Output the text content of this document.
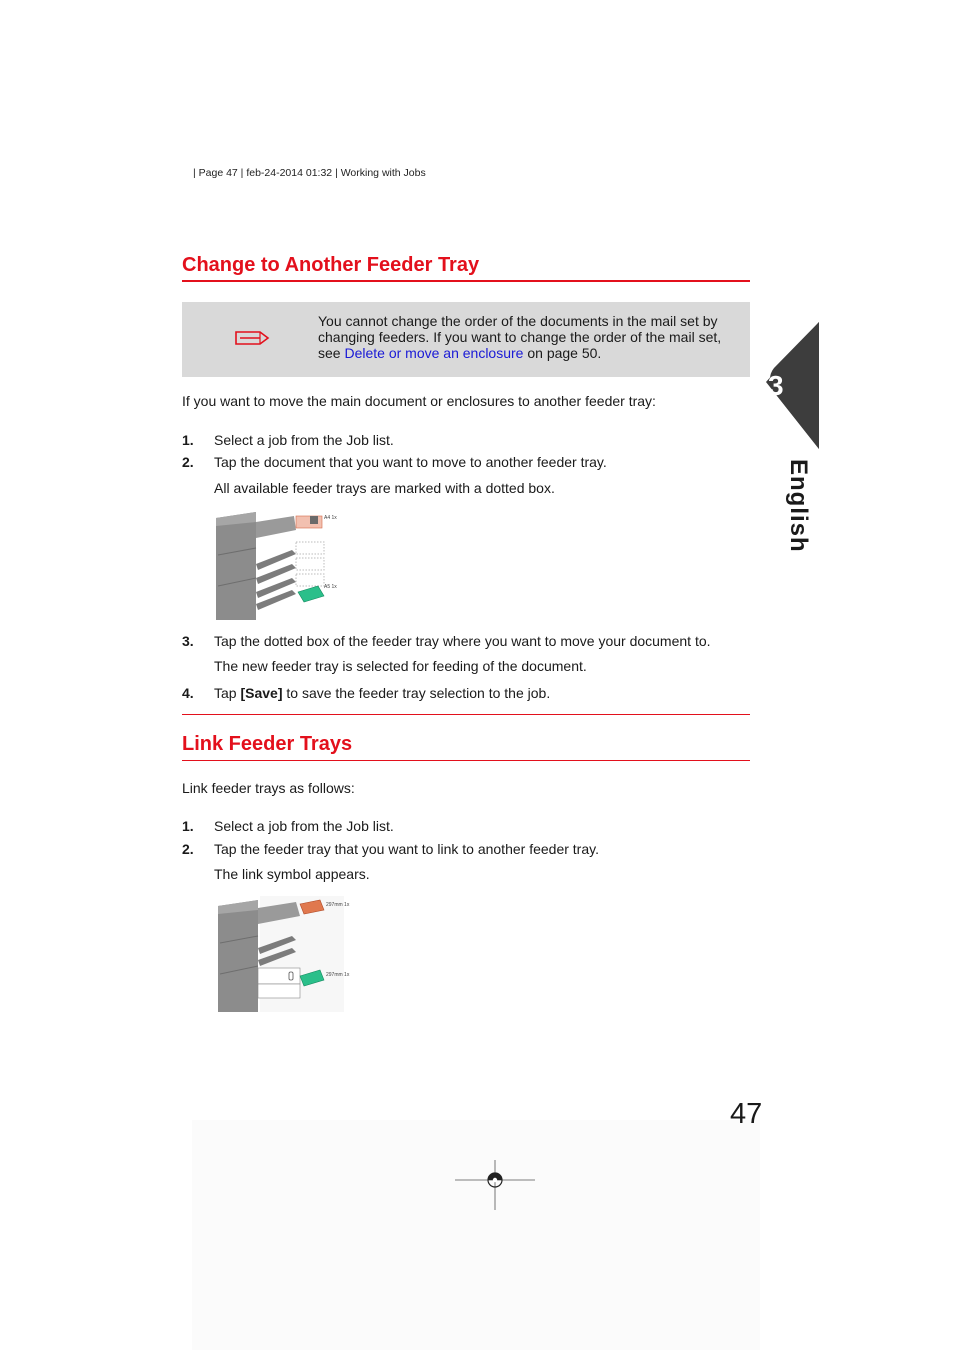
| Page 47 | feb-24-2014 01:32 | Working with Jobs
Change to Another Feeder Tray
You cannot change the order of the documents in the mail set by changing feeders. If you want to change the order of the mail set, see Delete or move an enclosure on page 50.
If you want to move the main document or enclosures to another feeder tray:
1. Select a job from the Job list.
2. Tap the document that you want to move to another feeder tray.
All available feeder trays are marked with a dotted box.
A4 1x
A5 1x
3. Tap the dotted box of the feeder tray where you want to move your document to.
The new feeder tray is selected for feeding of the document.
4. Tap [Save] to save the feeder tray selection to the job.
Link Feeder Trays
Link feeder trays as follows:
1. Select a job from the Job list.
2. Tap the feeder tray that you want to link to another feeder tray.
The link symbol appears.
297mm 1x
297mm 1x
3
English
47
